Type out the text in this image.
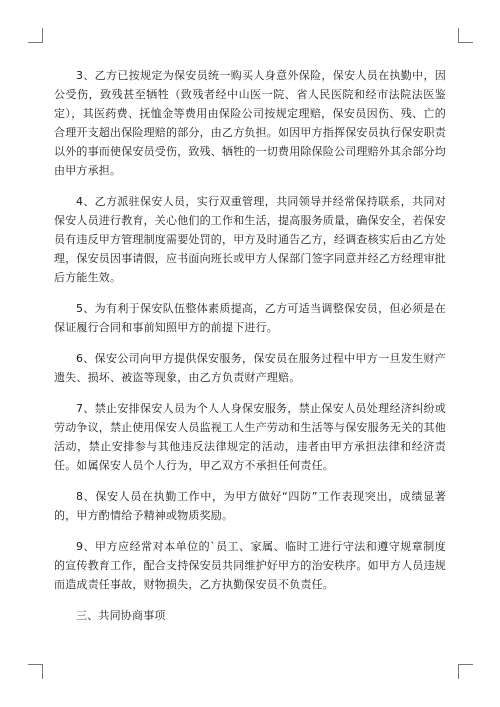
3、乙方已按规定为保安员统一购买人身意外保险，保安人员在执勤中，因公受伤，致残甚至牺牲（致残者经中山医一院、省人民医院和经市法院法医鉴定），其医药费、抚恤金等费用由保险公司按规定理赔，保安员因伤、残、亡的合理开支超出保险理赔的部分，由乙方负担。如因甲方指挥保安员执行保安职责以外的事而使保安员受伤，致残、牺牲的一切费用除保险公司理赔外其余部分均由甲方承担。

4、乙方派驻保安人员，实行双重管理，共同领导并经常保持联系，共同对保安人员进行教育，关心他们的工作和生活，提高服务质量，确保安全，若保安员有违反甲方管理制度需要处罚的，甲方及时通告乙方，经调查核实后由乙方处理，保安员因事请假，应书面向班长或甲方人保部门签字同意并经乙方经理审批后方能生效。

5、为有利于保安队伍整体素质提高，乙方可适当调整保安员，但必须是在保证履行合同和事前知照甲方的前提下进行。

6、保安公司向甲方提供保安服务，保安员在服务过程中甲方一旦发生财产遗失、损坏、被盗等现象，由乙方负责财产理赔。

7、禁止安排保安人员为个人人身保安服务，禁止保安人员处理经济纠纷或劳动争议，禁止使用保安人员监视工人生产劳动和生活等与保安服务无关的其他活动，禁止安排参与其他违反法律规定的活动，违者由甲方承担法律和经济责任。如属保安人员个人行为，甲乙双方不承担任何责任。

8、保安人员在执勤工作中，为甲方做好“四防”工作表现突出，成绩显著的，甲方酌情给予精神或物质奖励。

9、甲方应经常对本单位的`员工、家属、临时工进行守法和遵守规章制度的宣传教育工作，配合支持保安员共同维护好甲方的治安秩序。如甲方人员违规而造成责任事故，财物损失，乙方执勤保安员不负责任。

三、共同协商事项
